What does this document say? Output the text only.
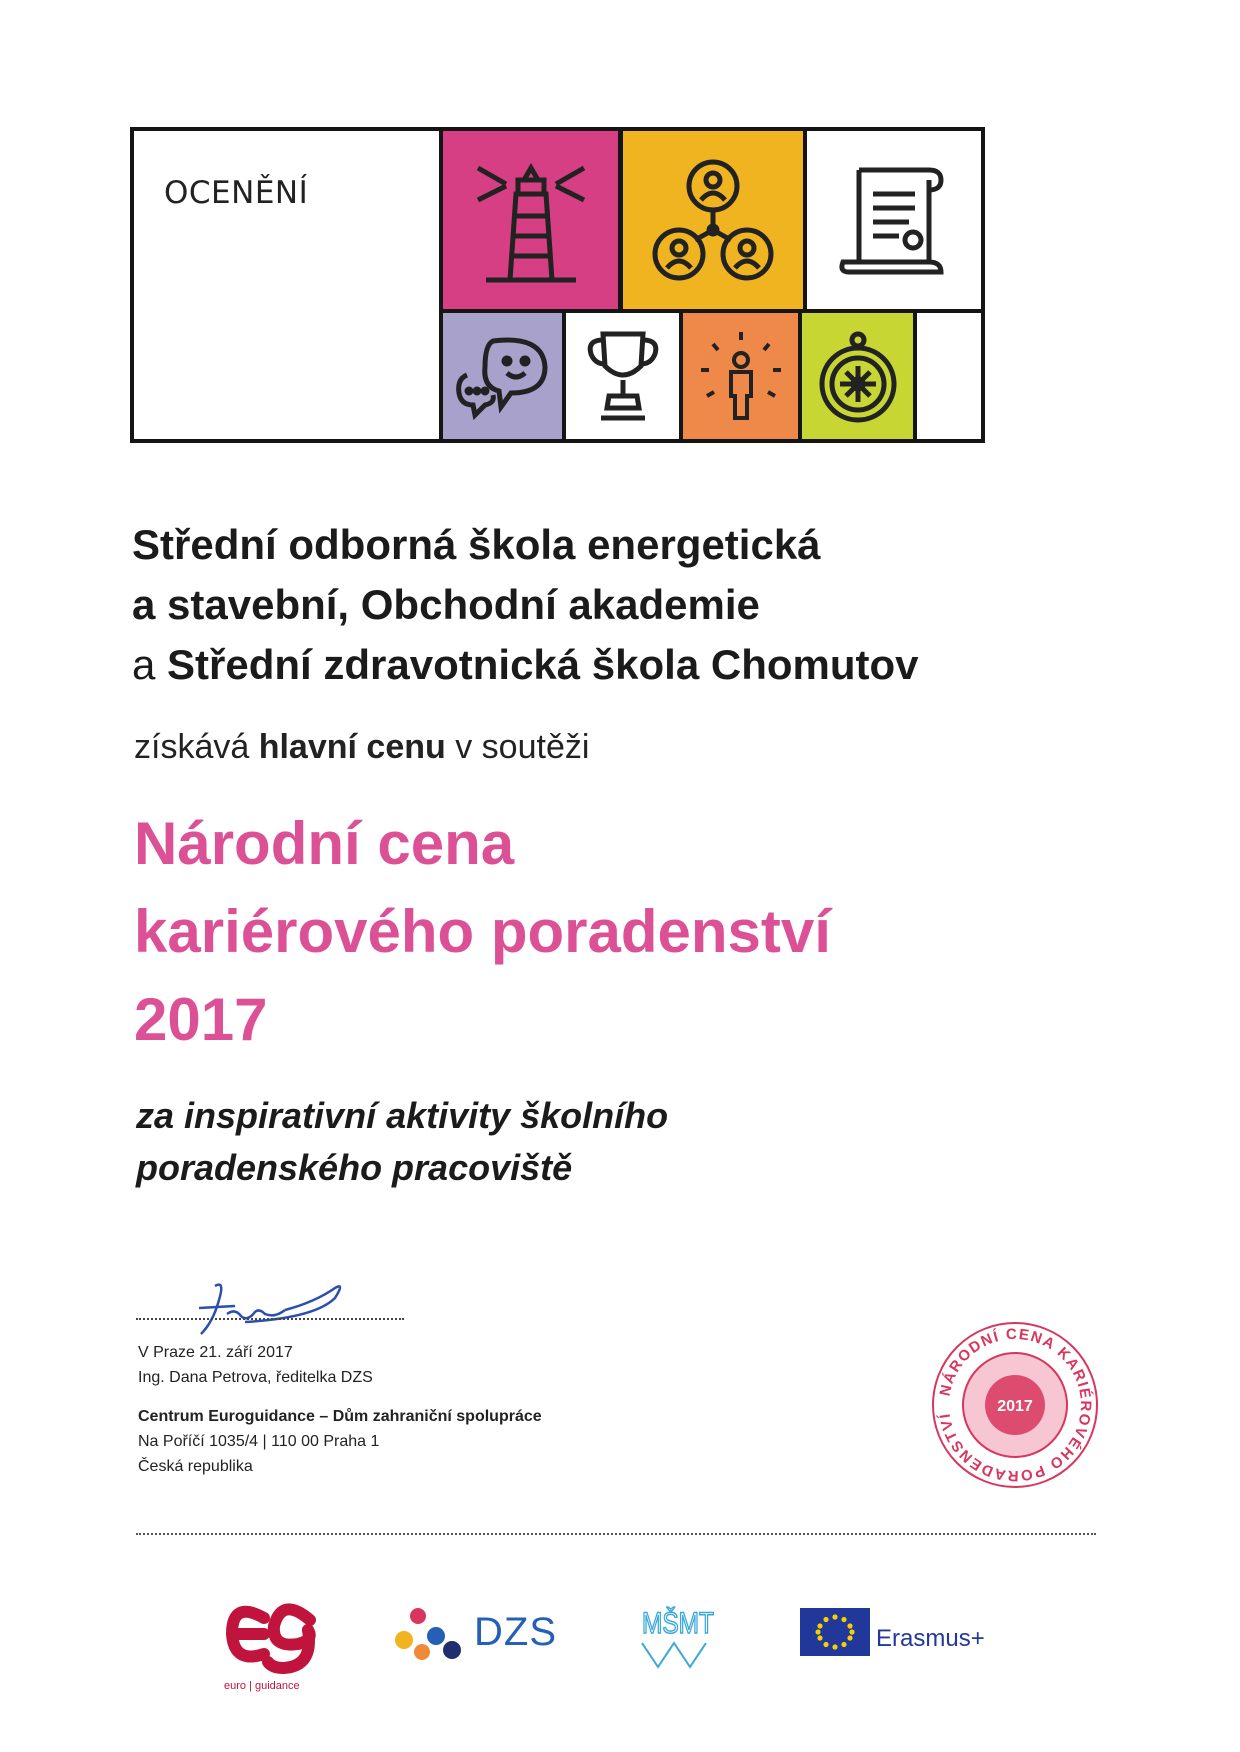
OCENĚNÍ
Střední odborná škola energetická
a stavební, Obchodní akademie
a Střední zdravotnická škola Chomutov
získává hlavní cenu v soutěži
Národní cena
kariérového poradenství
2017
za inspirativní aktivity školního
poradenského pracoviště
V Praze 21. září 2017
Ing. Dana Petrova, ředitelka DZS
Centrum Euroguidance – Dům zahraniční spolupráce
Na Poříčí 1035/4 | 110 00 Praha 1
Česká republika
NÁRODNÍ CENA KARIÉROVÉHO PORADENSTVÍ
2017
euro | guidance
DZS	MŠMT	Erasmus+
